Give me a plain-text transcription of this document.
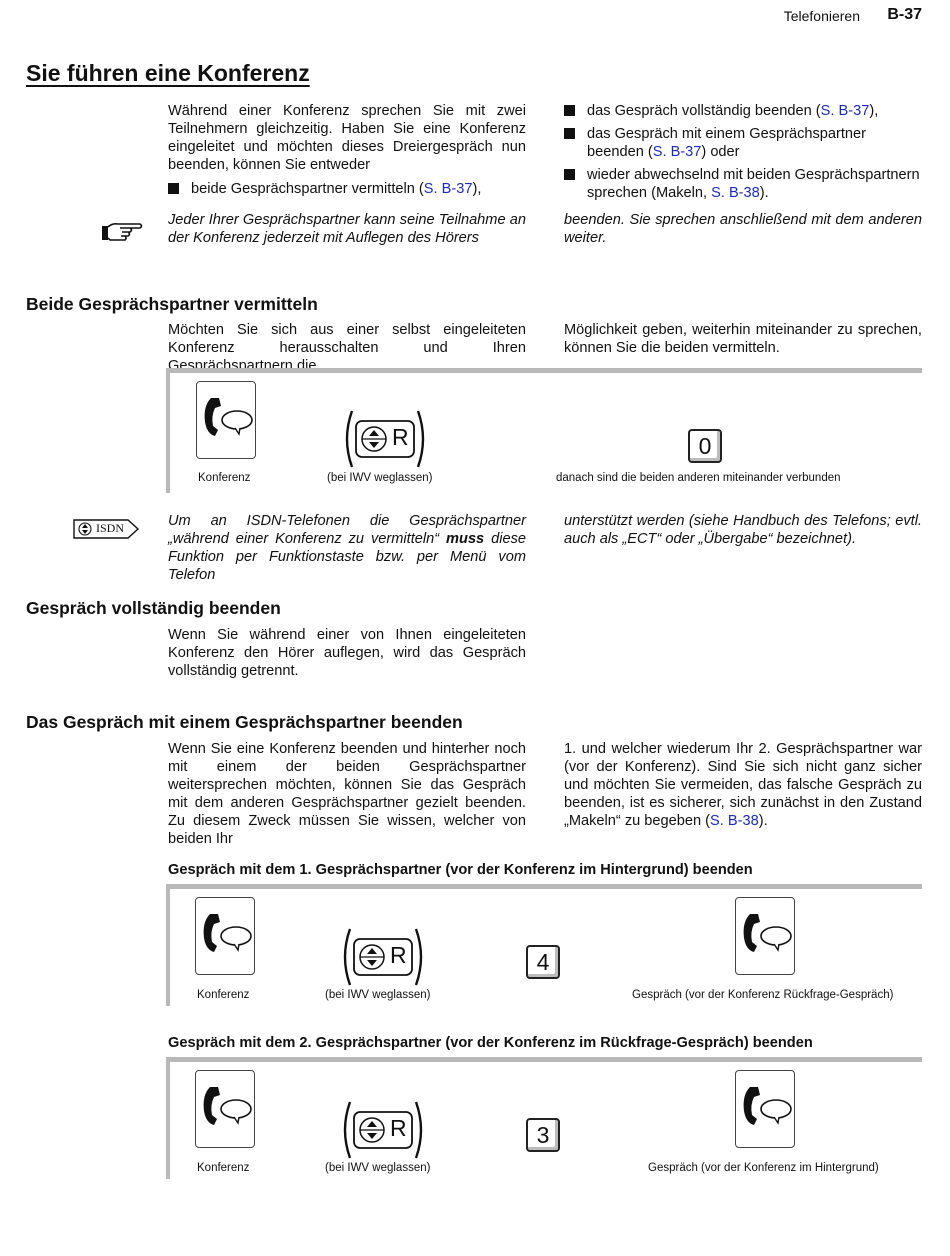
Telefonieren B-37
Sie führen eine Konferenz

Während einer Konferenz sprechen Sie mit zwei Teilnehmern gleichzeitig. Haben Sie eine Konferenz eingeleitet und möchten dieses Dreiergespräch nun beenden, können Sie entweder

beide Gesprächspartner vermitteln (S. B-37),
das Gespräch vollständig beenden (S. B-37),
das Gespräch mit einem Gesprächspartner beenden (S. B-37) oder
wieder abwechselnd mit beiden Gesprächspartnern sprechen (Makeln, S. B-38).

Jeder Ihrer Gesprächspartner kann seine Teilnahme an der Konferenz jederzeit mit Auflegen des Hörers

beenden. Sie sprechen anschließend mit dem anderen weiter.

Beide Gesprächspartner vermitteln

Möchten Sie sich aus einer selbst eingeleiteten Konferenz herausschalten und Ihren Gesprächspartnern die

Möglichkeit geben, weiterhin miteinander zu sprechen, können Sie die beiden vermitteln.

R	0
Konferenz	(bei IWV weglassen)	danach sind die beiden anderen miteinander verbunden
ISDN	Um an ISDN-Telefonen die Gesprächspartner „während einer Konferenz zu vermitteln“ muss diese Funktion per Funktionstaste bzw. per Menü vom Telefon

unterstützt werden (siehe Handbuch des Telefons; evtl. auch als „ECT“ oder „Übergabe“ bezeichnet).

Gespräch vollständig beenden

Wenn Sie während einer von Ihnen eingeleiteten Konferenz den Hörer auflegen, wird das Gespräch vollständig getrennt.

Das Gespräch mit einem Gesprächspartner beenden

Wenn Sie eine Konferenz beenden und hinterher noch mit einem der beiden Gesprächspartner weitersprechen möchten, können Sie das Gespräch mit dem anderen Gesprächspartner gezielt beenden. Zu diesem Zweck müssen Sie wissen, welcher von beiden Ihr

1. und welcher wiederum Ihr 2. Gesprächspartner war (vor der Konferenz). Sind Sie sich nicht ganz sicher und möchten Sie vermeiden, das falsche Gespräch zu beenden, ist es sicherer, sich zunächst in den Zustand „Makeln“ zu begeben (S. B-38).

Gespräch mit dem 1. Gesprächspartner (vor der Konferenz im Hintergrund) beenden
R	4
Konferenz	(bei IWV weglassen)	Gespräch (vor der Konferenz Rückfrage-Gespräch)
Gespräch mit dem 2. Gesprächspartner (vor der Konferenz im Rückfrage-Gespräch) beenden
R	3
Konferenz	(bei IWV weglassen)	Gespräch (vor der Konferenz im Hintergrund)
